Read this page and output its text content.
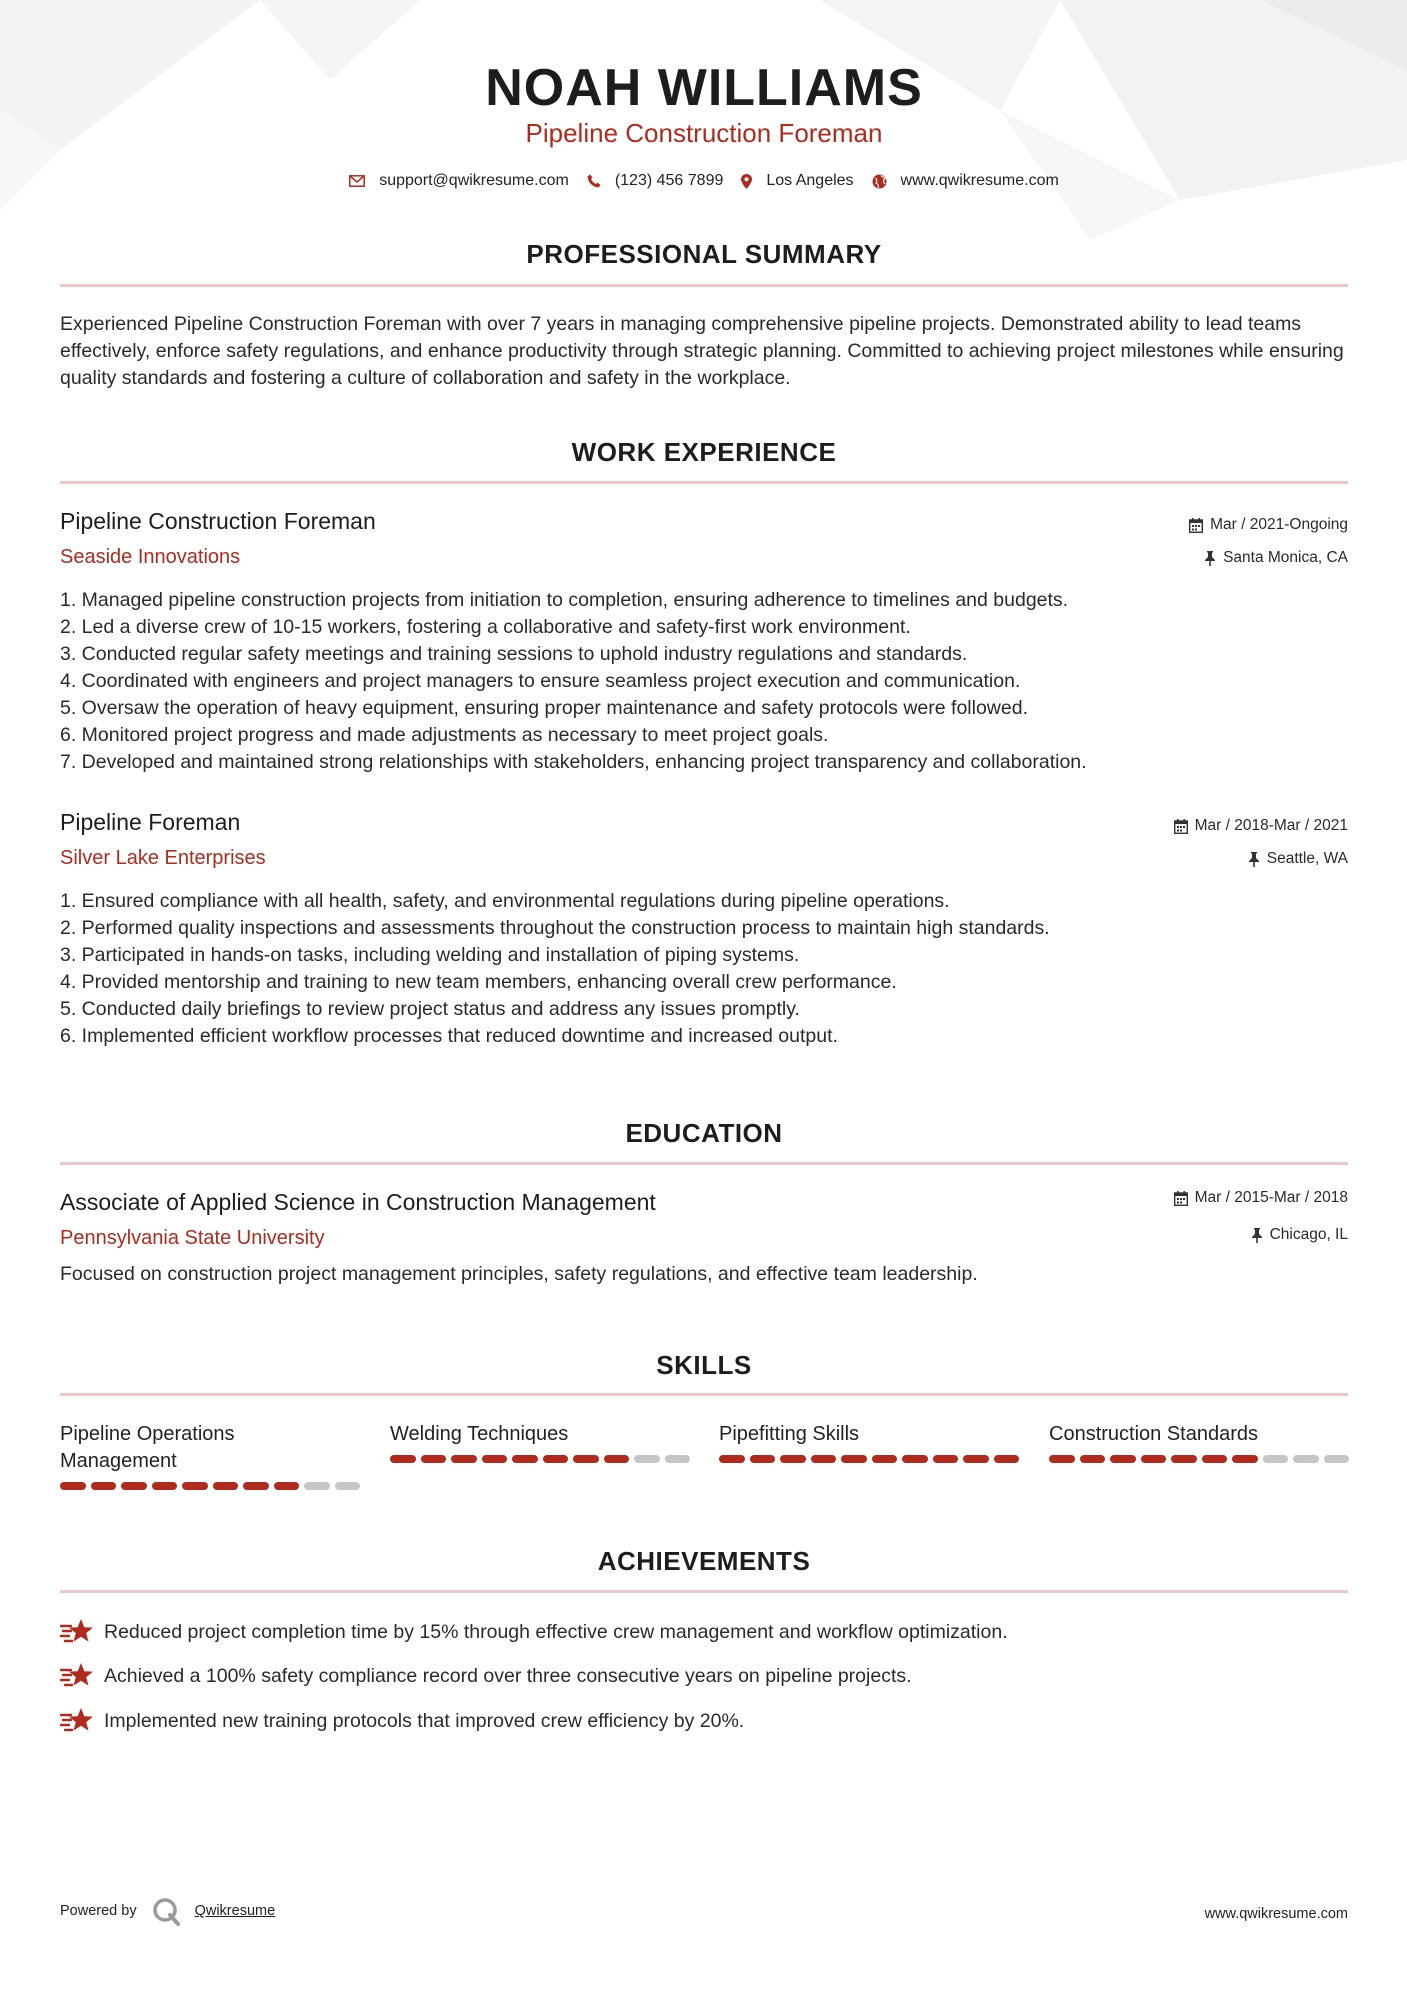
NOAH WILLIAMS
Pipeline Construction Foreman
support@qwikresume.com	(123) 456 7899	Los Angeles	www.qwikresume.com
PROFESSIONAL SUMMARY
Experienced Pipeline Construction Foreman with over 7 years in managing comprehensive pipeline projects. Demonstrated ability to lead teams effectively, enforce safety regulations, and enhance productivity through strategic planning. Committed to achieving project milestones while ensuring quality standards and fostering a culture of collaboration and safety in the workplace.
WORK EXPERIENCE
Pipeline Construction Foreman	Mar / 2021-Ongoing
Seaside Innovations	Santa Monica, CA
1. Managed pipeline construction projects from initiation to completion, ensuring adherence to timelines and budgets.
2. Led a diverse crew of 10-15 workers, fostering a collaborative and safety-first work environment.
3. Conducted regular safety meetings and training sessions to uphold industry regulations and standards.
4. Coordinated with engineers and project managers to ensure seamless project execution and communication.
5. Oversaw the operation of heavy equipment, ensuring proper maintenance and safety protocols were followed.
6. Monitored project progress and made adjustments as necessary to meet project goals.
7. Developed and maintained strong relationships with stakeholders, enhancing project transparency and collaboration.
Pipeline Foreman	Mar / 2018-Mar / 2021
Silver Lake Enterprises	Seattle, WA
1. Ensured compliance with all health, safety, and environmental regulations during pipeline operations.
2. Performed quality inspections and assessments throughout the construction process to maintain high standards.
3. Participated in hands-on tasks, including welding and installation of piping systems.
4. Provided mentorship and training to new team members, enhancing overall crew performance.
5. Conducted daily briefings to review project status and address any issues promptly.
6. Implemented efficient workflow processes that reduced downtime and increased output.
EDUCATION
Associate of Applied Science in Construction Management	Mar / 2015-Mar / 2018
Pennsylvania State University	Chicago, IL
Focused on construction project management principles, safety regulations, and effective team leadership.
SKILLS
Pipeline Operations Management
Welding Techniques	Pipefitting Skills	Construction Standards
ACHIEVEMENTS
Reduced project completion time by 15% through effective crew management and workflow optimization.
Achieved a 100% safety compliance record over three consecutive years on pipeline projects.
Implemented new training protocols that improved crew efficiency by 20%.
Powered by	Qwikresume	www.qwikresume.com
